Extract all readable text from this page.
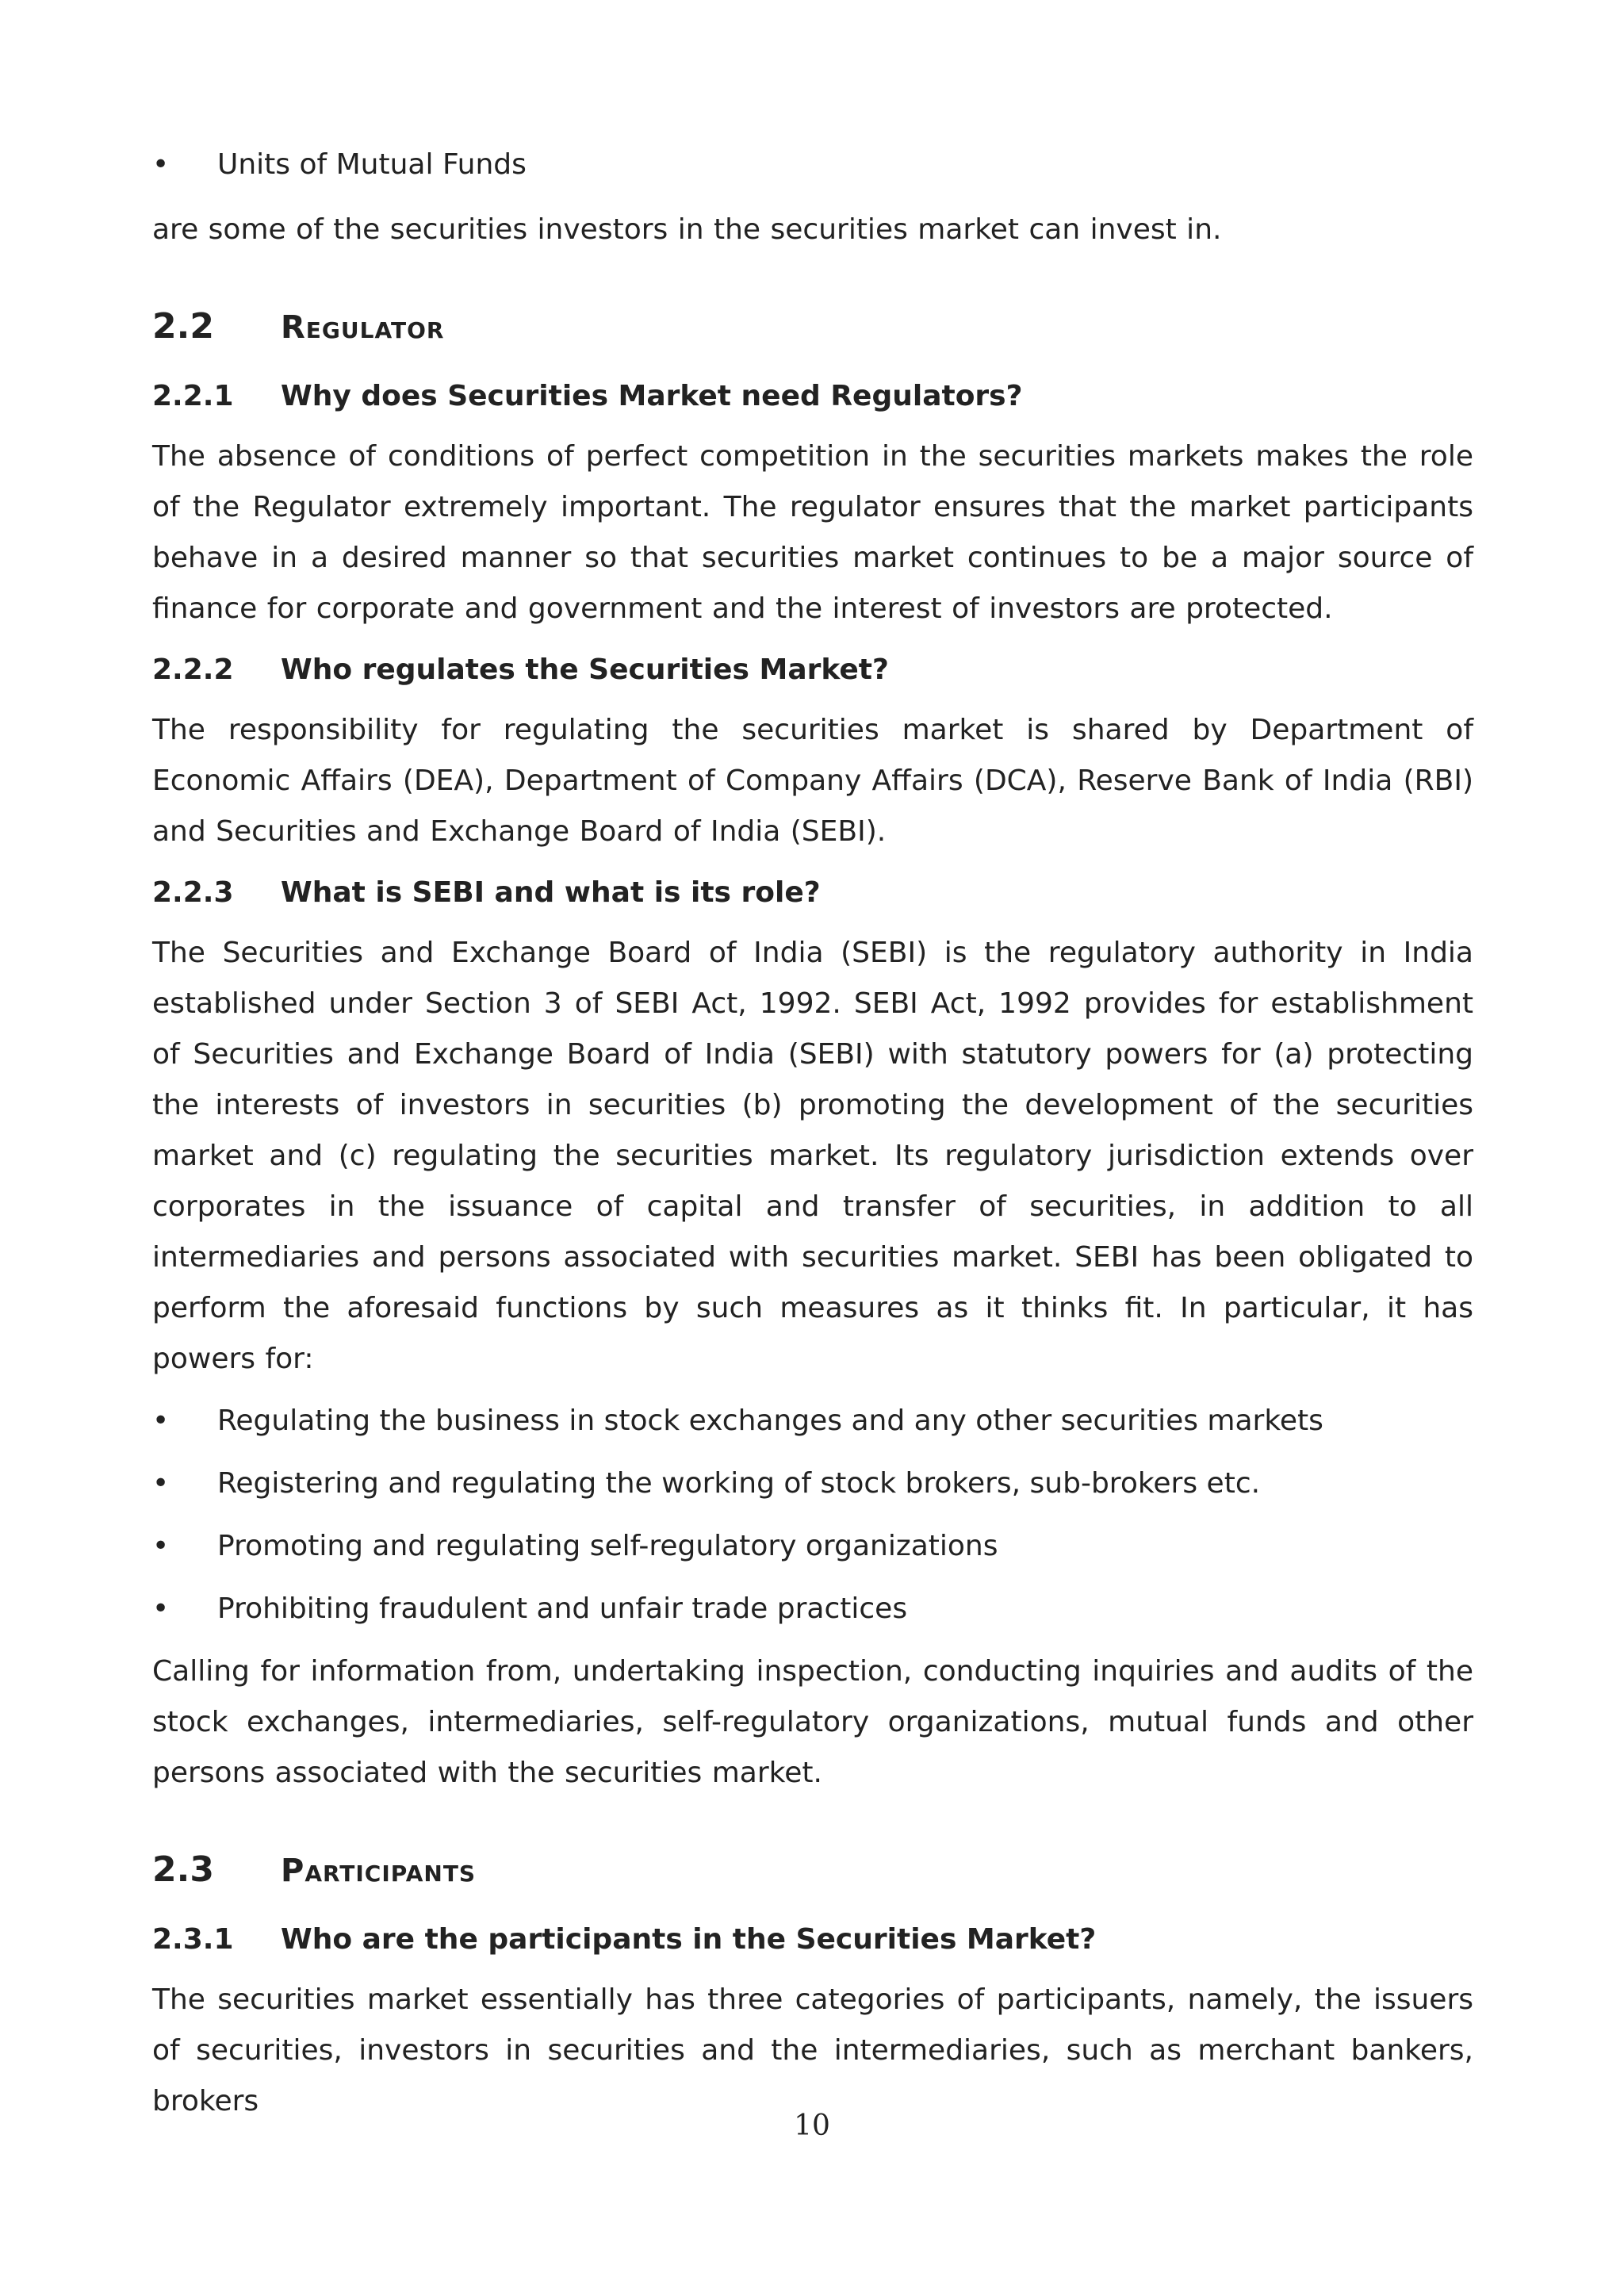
•	Units of Mutual Funds

are some of the securities investors in the securities market can invest in.

2.2	Regulator
2.2.1	Why does Securities Market need Regulators?

The absence of conditions of perfect competition in the securities markets makes the role of the Regulator extremely important. The regulator ensures that the market participants behave in a desired manner so that securities market continues to be a major source of finance for corporate and government and the interest of investors are protected.

2.2.2	Who regulates the Securities Market?

The responsibility for regulating the securities market is shared by Department of Economic Affairs (DEA), Department of Company Affairs (DCA), Reserve Bank of India (RBI) and Securities and Exchange Board of India (SEBI).

2.2.3	What is SEBI and what is its role?

The Securities and Exchange Board of India (SEBI) is the regulatory authority in India established under Section 3 of SEBI Act, 1992. SEBI Act, 1992 provides for establishment of Securities and Exchange Board of India (SEBI) with statutory powers for (a) protecting the interests of investors in securities (b) promoting the development of the securities market and (c) regulating the securities market. Its regulatory jurisdiction extends over corporates in the issuance of capital and transfer of securities, in addition to all intermediaries and persons associated with securities market. SEBI has been obligated to perform the aforesaid functions by such measures as it thinks fit. In particular, it has powers for:

•	Regulating the business in stock exchanges and any other securities markets
•	Registering and regulating the working of stock brokers, sub-brokers etc.
•	Promoting and regulating self-regulatory organizations
•	Prohibiting fraudulent and unfair trade practices

Calling for information from, undertaking inspection, conducting inquiries and audits of the stock exchanges, intermediaries, self-regulatory organizations, mutual funds and other persons associated with the securities market.

2.3	Participants
2.3.1	Who are the participants in the Securities Market?

The securities market essentially has three categories of participants, namely, the issuers of securities, investors in securities and the intermediaries, such as merchant bankers, brokers

10
